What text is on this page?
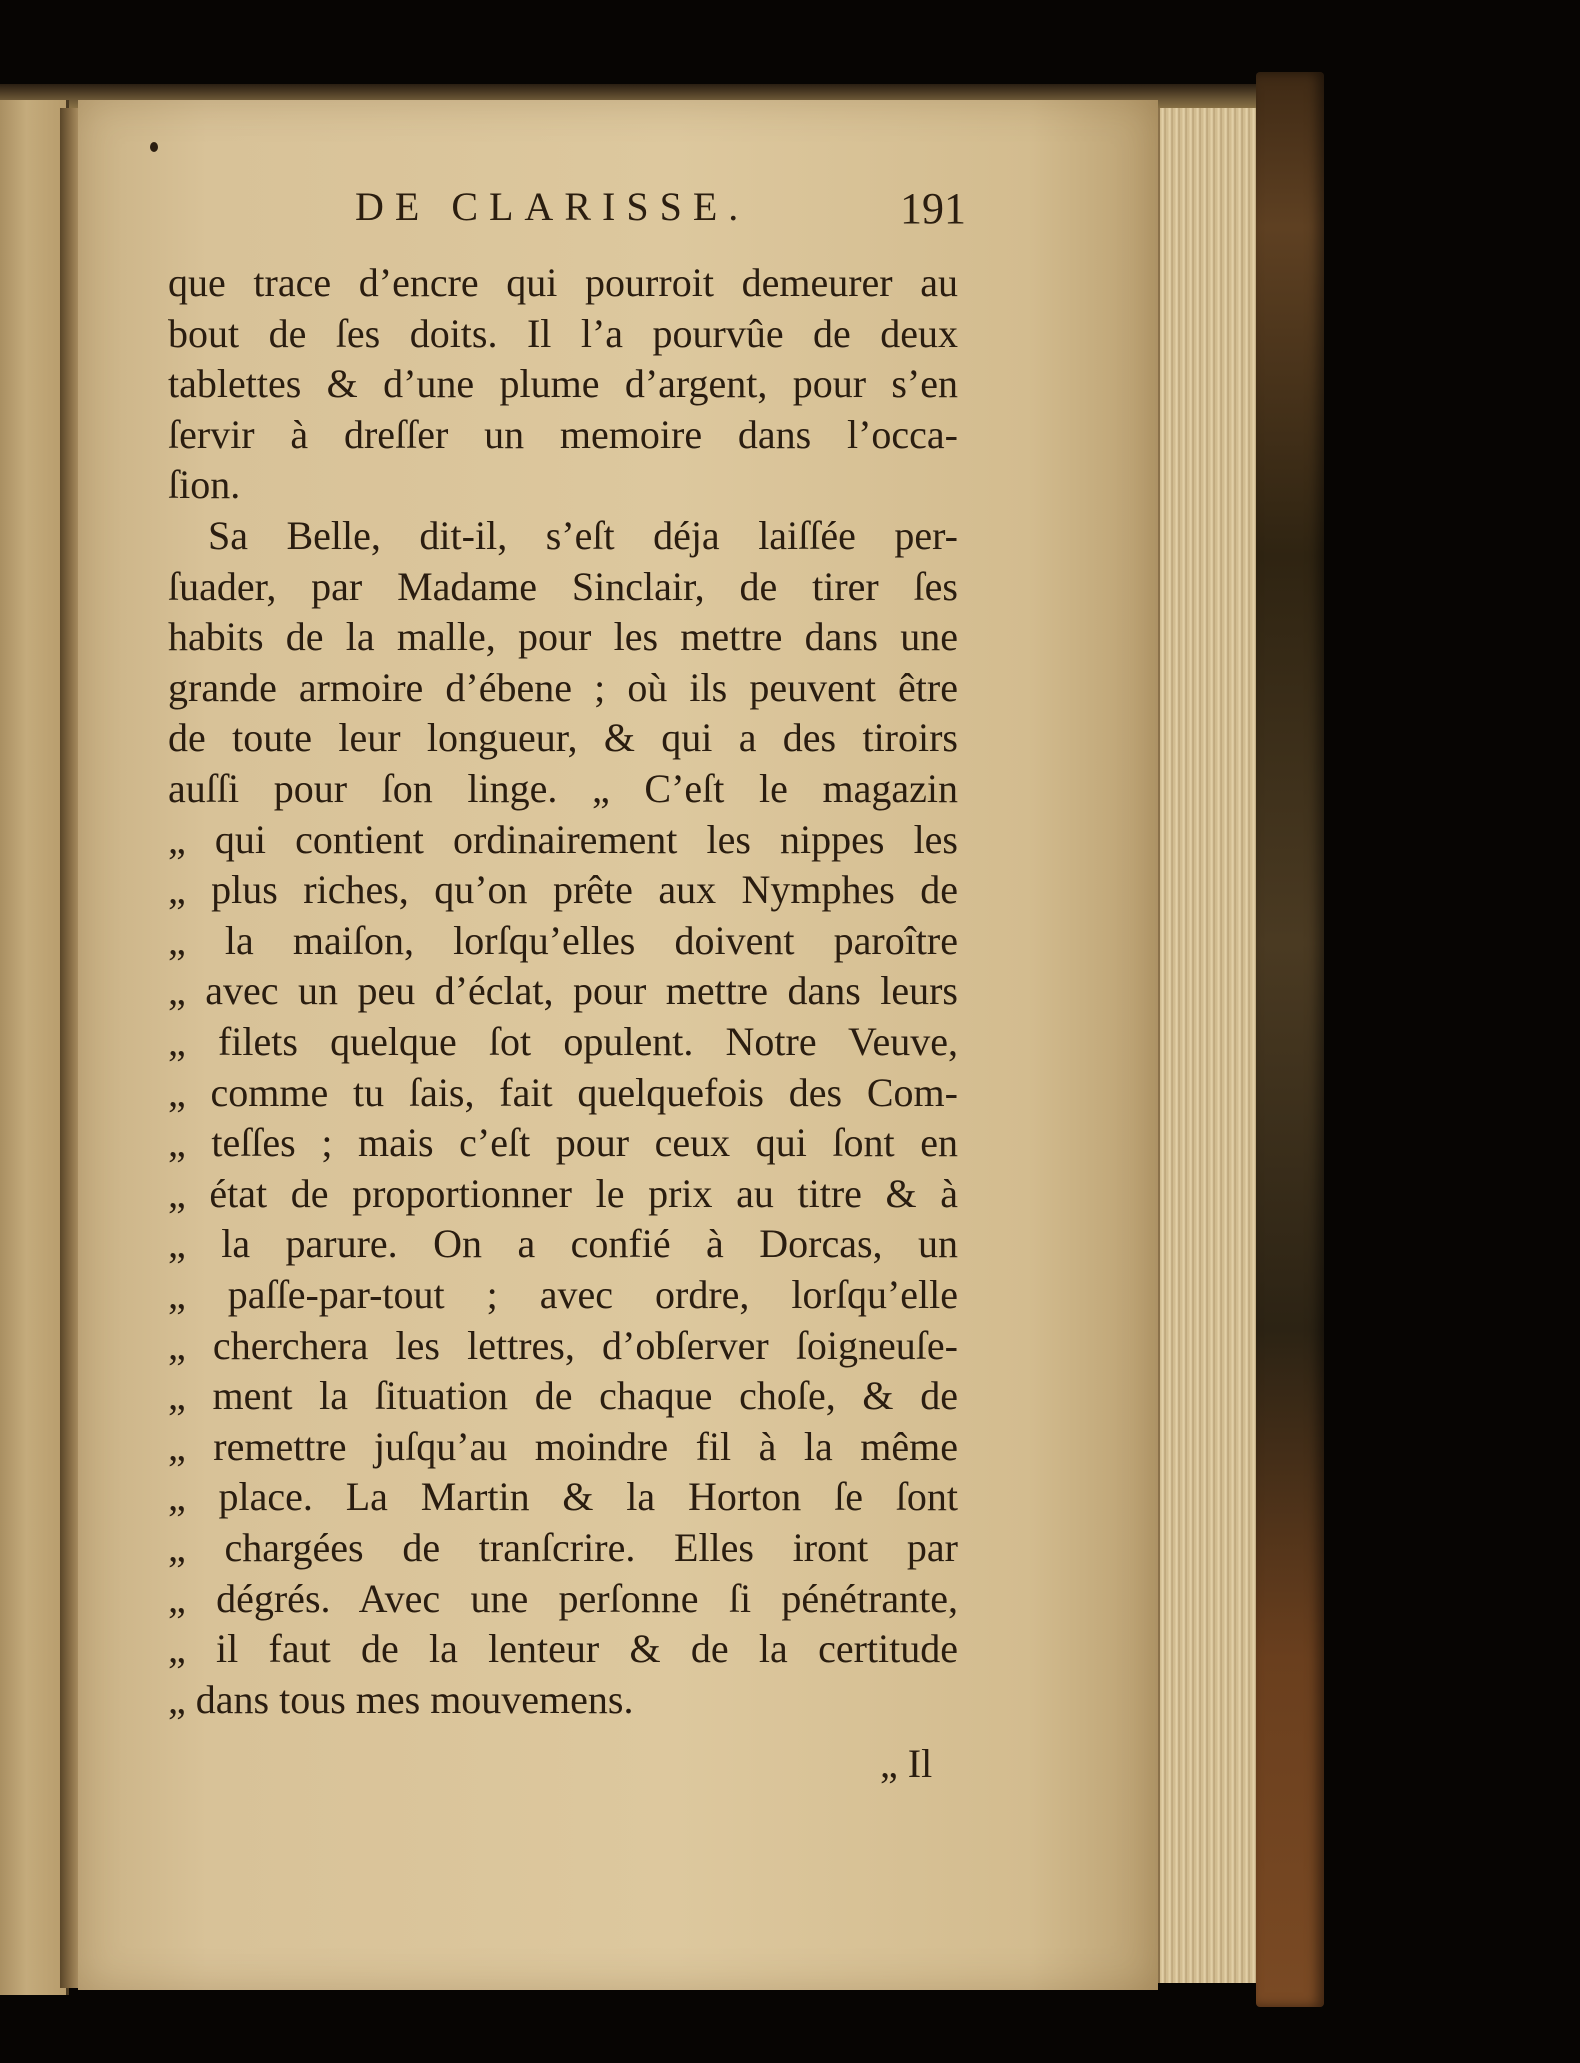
DE CLARISSE.	191
que trace d’encre qui pourroit demeurer au
bout de ſes doits. Il l’a pourvûe de deux
tablettes & d’une plume d’argent, pour s’en
ſervir à dreſſer un memoire dans l’occa-
ſion.
Sa Belle, dit-il, s’eſt déja laiſſée per-
ſuader, par Madame Sinclair, de tirer ſes
habits de la malle, pour les mettre dans une
grande armoire d’ébene ; où ils peuvent être
de toute leur longueur, & qui a des tiroirs
auſſi pour ſon linge. „ C’eſt le magazin
„ qui contient ordinairement les nippes les
„ plus riches, qu’on prête aux Nymphes de
„ la maiſon, lorſqu’elles doivent paroître
„ avec un peu d’éclat, pour mettre dans leurs
„ filets quelque ſot opulent. Notre Veuve,
„ comme tu ſais, fait quelquefois des Com-
„ teſſes ; mais c’eſt pour ceux qui ſont en
„ état de proportionner le prix au titre & à
„ la parure. On a confié à Dorcas, un
„ paſſe-par-tout ; avec ordre, lorſqu’elle
„ cherchera les lettres, d’obſerver ſoigneuſe-
„ ment la ſituation de chaque choſe, & de
„ remettre juſqu’au moindre fil à la même
„ place. La Martin & la Horton ſe ſont
„ chargées de tranſcrire. Elles iront par
„ dégrés. Avec une perſonne ſi pénétrante,
„ il faut de la lenteur & de la certitude
„ dans tous mes mouvemens.
„ Il
